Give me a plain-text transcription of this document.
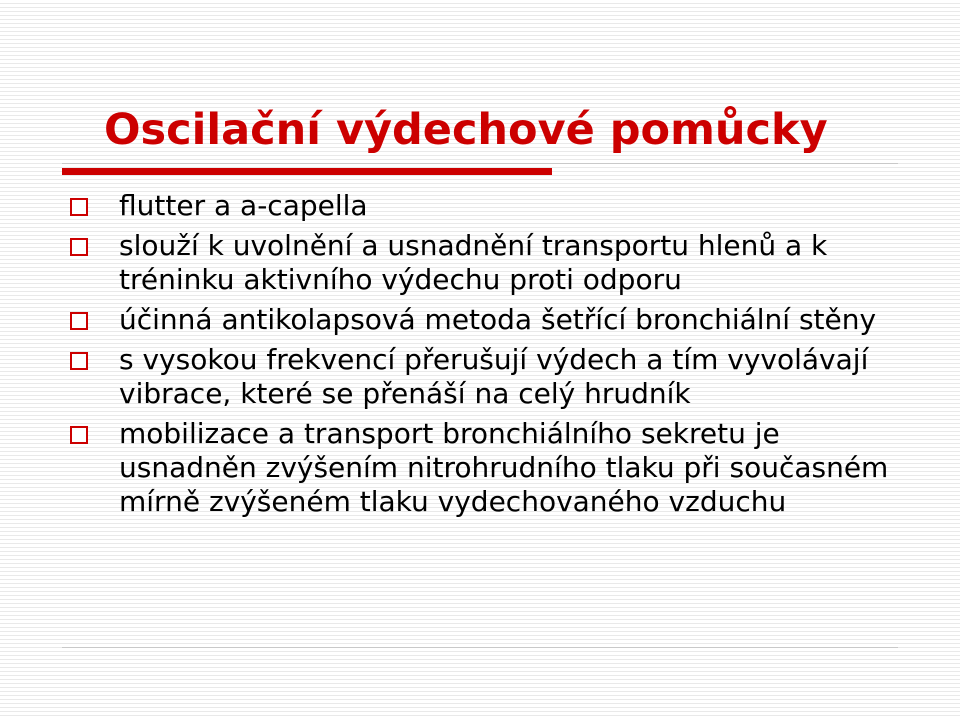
Oscilační výdechové pomůcky
flutter a a-capella
slouží k uvolnění a usnadnění transportu hlenů a k tréninku aktivního výdechu proti odporu
účinná antikolapsová metoda šetřící bronchiální stěny
s vysokou frekvencí přerušují výdech a tím vyvolávají vibrace, které se přenáší na celý hrudník
mobilizace a transport bronchiálního sekretu je usnadněn zvýšením nitrohrudního tlaku při současném mírně zvýšeném tlaku vydechovaného vzduchu
